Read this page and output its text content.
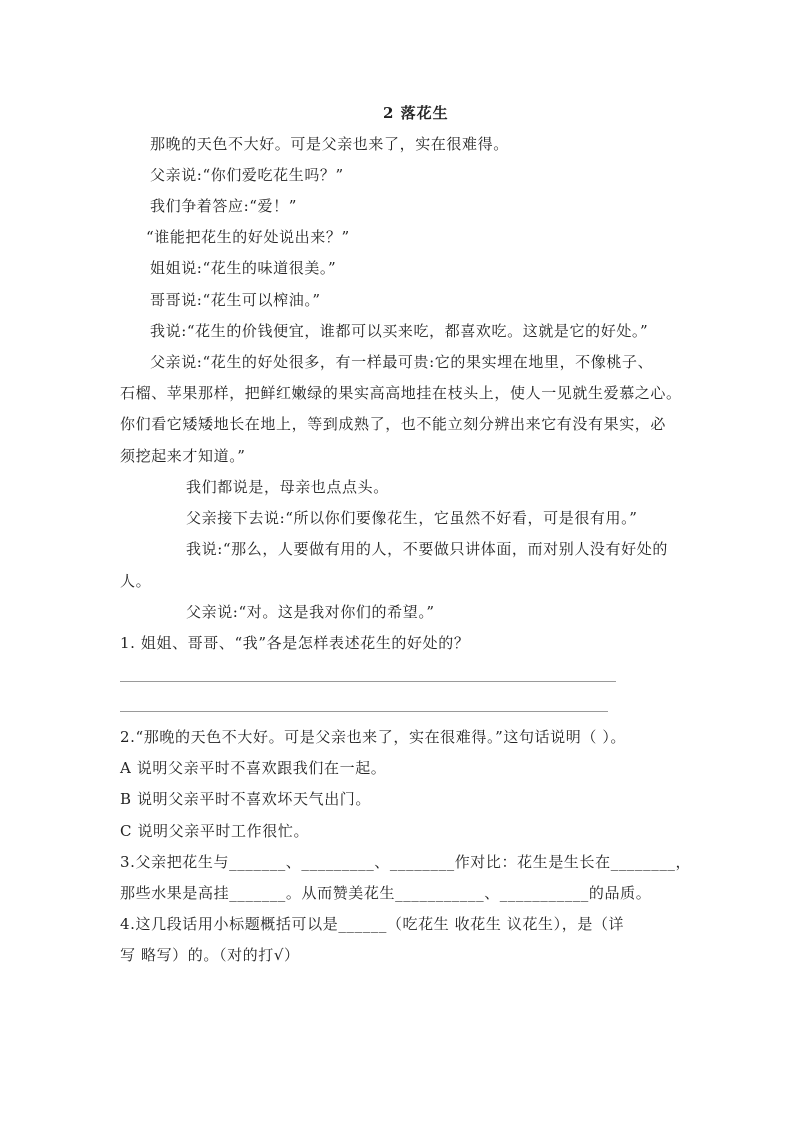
2 落花生
那晚的天色不大好。可是父亲也来了，实在很难得。
父亲说:“你们爱吃花生吗？”
我们争着答应:“爱！”
“谁能把花生的好处说出来？”
姐姐说:“花生的味道很美。”
哥哥说:“花生可以榨油。”
我说:“花生的价钱便宜，谁都可以买来吃，都喜欢吃。这就是它的好处。”
父亲说:“花生的好处很多，有一样最可贵:它的果实埋在地里，不像桃子、
石榴、苹果那样，把鲜红嫩绿的果实高高地挂在枝头上，使人一见就生爱慕之心。
你们看它矮矮地长在地上，等到成熟了，也不能立刻分辨出来它有没有果实，必
须挖起来才知道。”
我们都说是，母亲也点点头。
父亲接下去说:“所以你们要像花生，它虽然不好看，可是很有用。”
我说:“那么，人要做有用的人，不要做只讲体面，而对别人没有好处的
人。
父亲说:“对。这是我对你们的希望。”
1. 姐姐、哥哥、“我”各是怎样表述花生的好处的？
2.“那晚的天色不大好。可是父亲也来了，实在很难得。”这句话说明（ ）。
A 说明父亲平时不喜欢跟我们在一起。
B 说明父亲平时不喜欢坏天气出门。
C 说明父亲平时工作很忙。
3.父亲把花生与_______、_________、________作对比：花生是生长在________，
那些水果是高挂_______。从而赞美花生___________、___________的品质。
4.这几段话用小标题概括可以是______（吃花生 收花生 议花生），是（详
写 略写）的。（对的打√）
